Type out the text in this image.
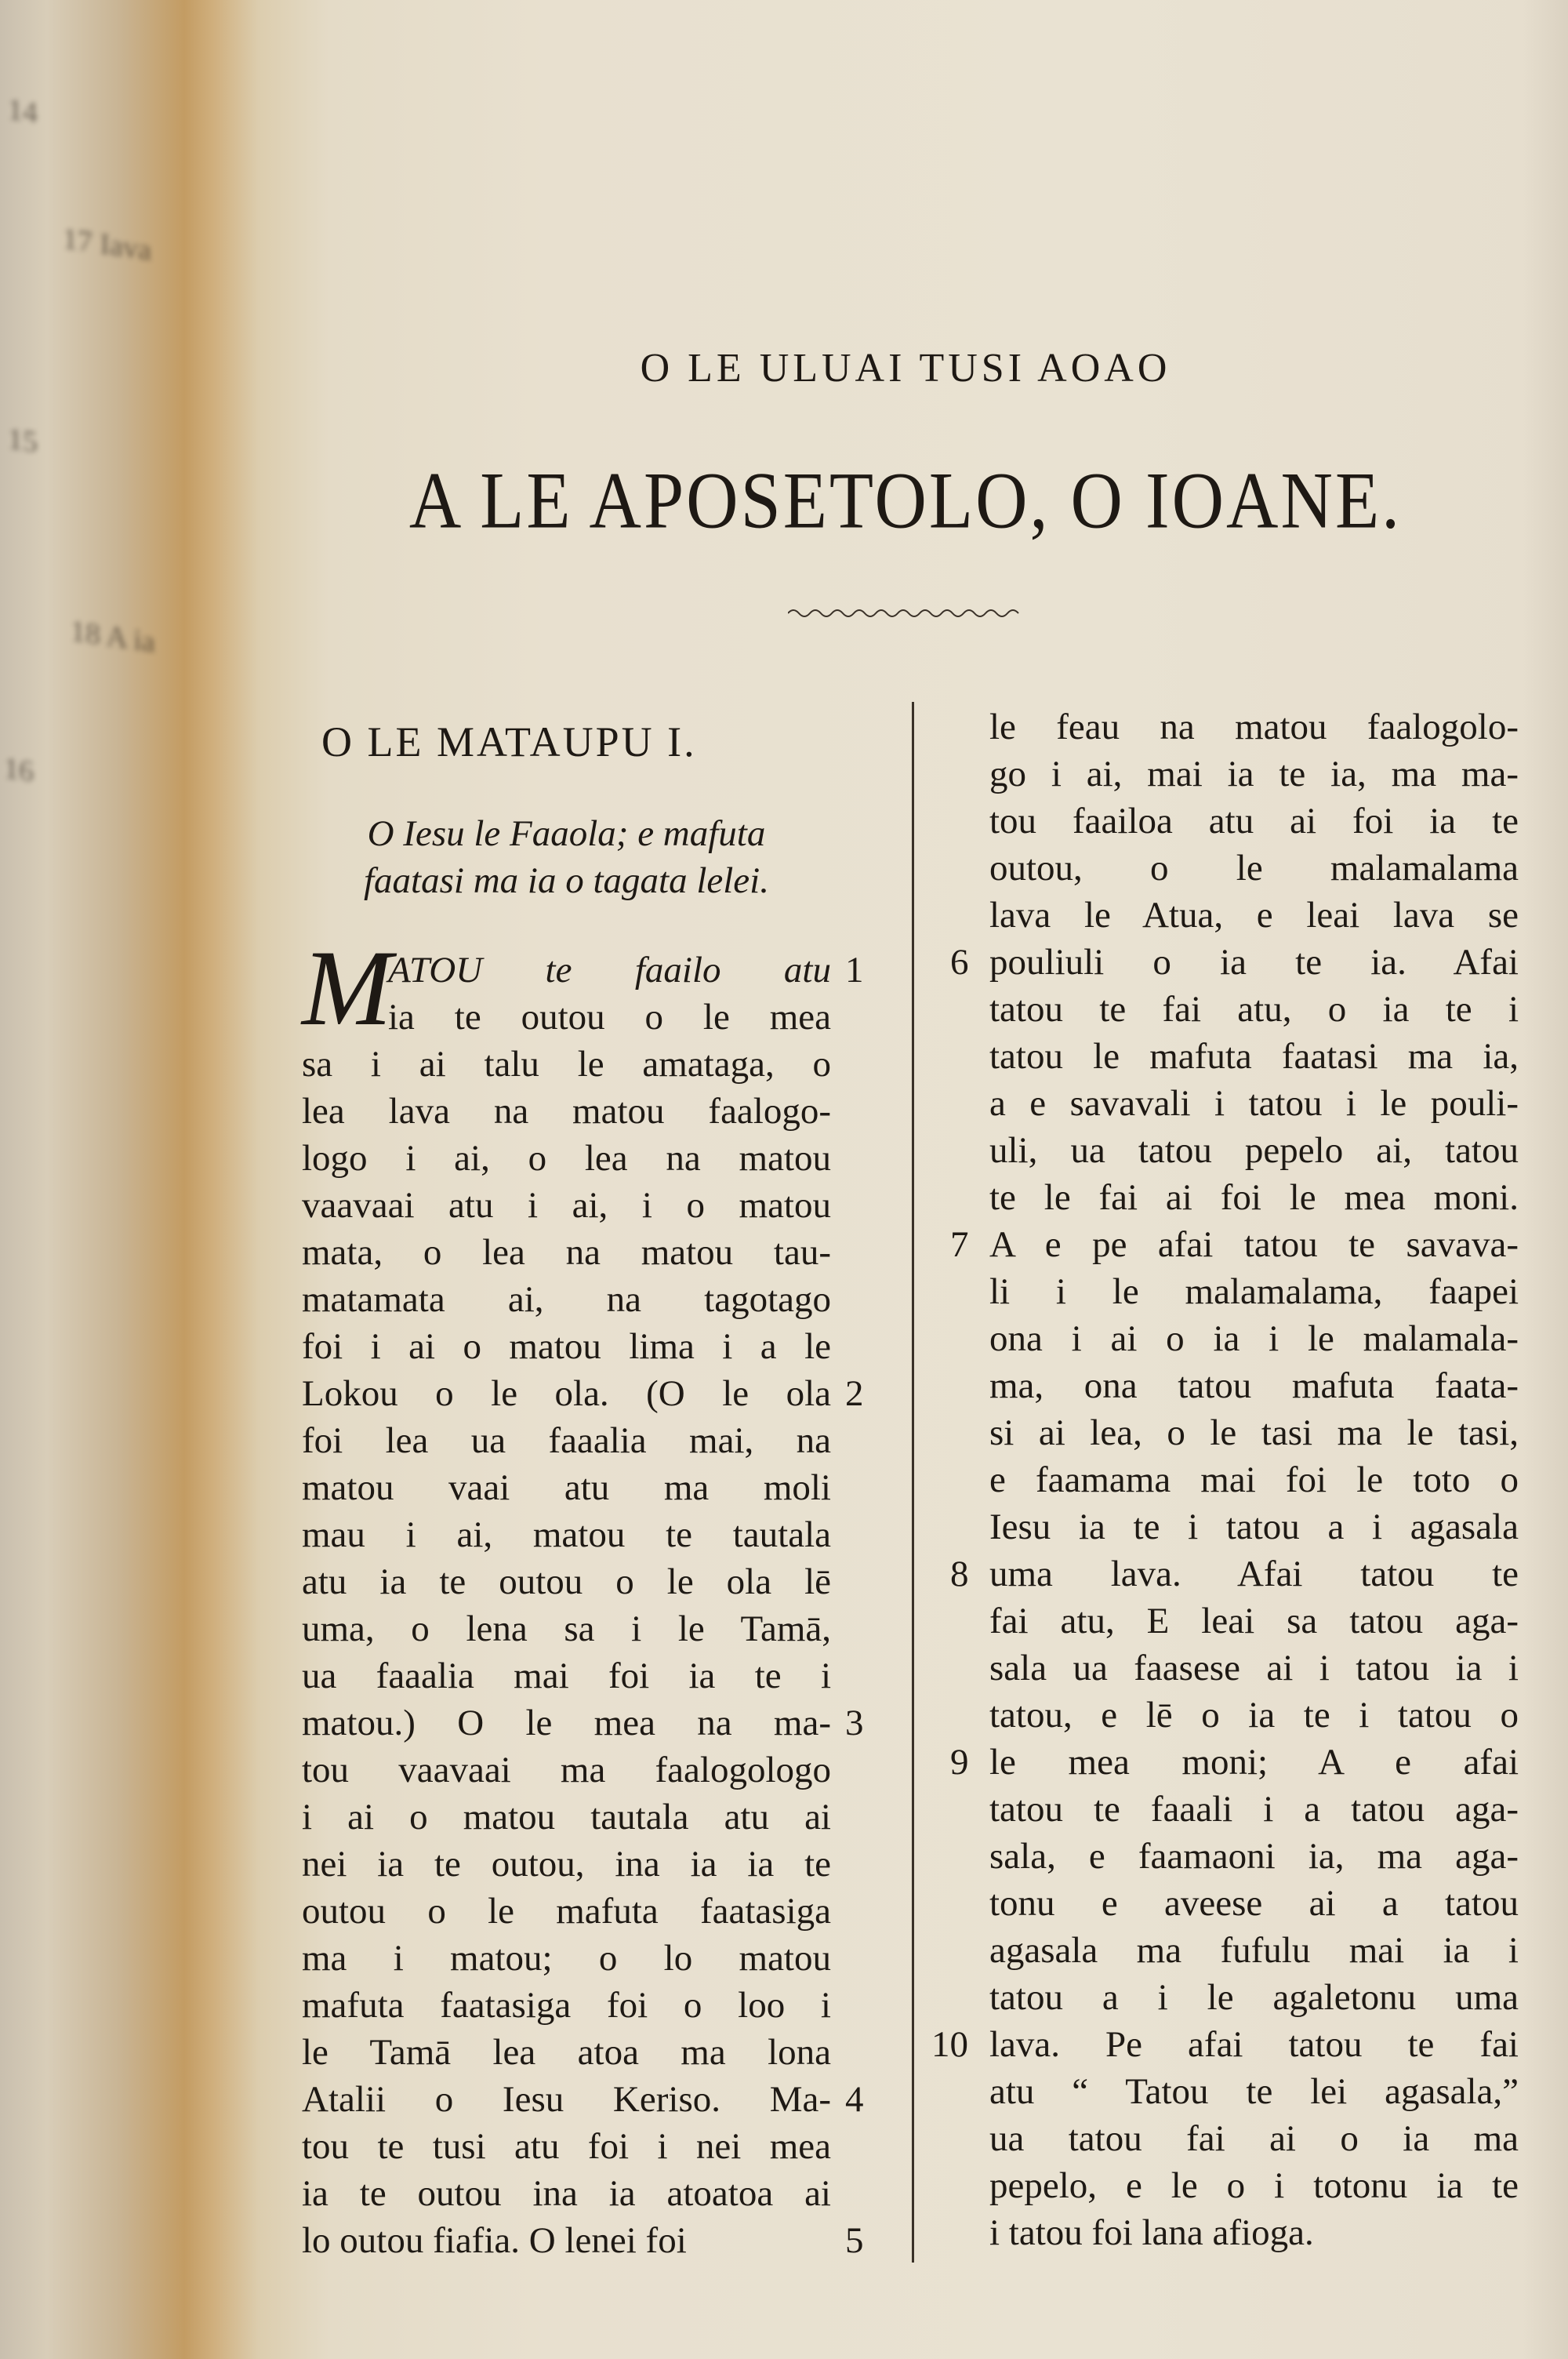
14
15
16
17 Iava
18 A ia
O LE ULUAI TUSI AOAO
A LE APOSETOLO, O IOANE.
O LE MATAUPU I.
O Iesu le Faaola; e mafuta
faatasi ma ia o tagata lelei.
M
ATOU te faailo atu
ia te outou o le mea
sa i ai talu le amataga, o
lea lava na matou faalogo-
logo i ai, o lea na matou
vaavaai atu i ai, i o matou
mata, o lea na matou tau-
matamata ai, na tagotago
foi i ai o matou lima i a le
Lokou o le ola. (O le ola
foi lea ua faaalia mai, na
matou vaai atu ma moli
mau i ai, matou te tautala
atu ia te outou o le ola lē
uma, o lena sa i le Tamā,
ua faaalia mai foi ia te i
matou.) O le mea na ma-
tou vaavaai ma faalogologo
i ai o matou tautala atu ai
nei ia te outou, ina ia ia te
outou o le mafuta faatasiga
ma i matou; o lo matou
mafuta faatasiga foi o loo i
le Tamā lea atoa ma lona
Atalii o Iesu Keriso. Ma-
tou te tusi atu foi i nei mea
ia te outou ina ia atoatoa ai
lo outou fiafia. O lenei foi
1
2
3
4
5
le feau na matou faalogolo-
go i ai, mai ia te ia, ma ma-
tou faailoa atu ai foi ia te
outou, o le malamalama
lava le Atua, e leai lava se
pouliuli o ia te ia. Afai
tatou te fai atu, o ia te i
tatou le mafuta faatasi ma ia,
a e savavali i tatou i le pouli-
uli, ua tatou pepelo ai, tatou
te le fai ai foi le mea moni.
A e pe afai tatou te savava-
li i le malamalama, faapei
ona i ai o ia i le malamala-
ma, ona tatou mafuta faata-
si ai lea, o le tasi ma le tasi,
e faamama mai foi le toto o
Iesu ia te i tatou a i agasala
uma lava. Afai tatou te
fai atu, E leai sa tatou aga-
sala ua faasese ai i tatou ia i
tatou, e lē o ia te i tatou o
le mea moni; A e afai
tatou te faaali i a tatou aga-
sala, e faamaoni ia, ma aga-
tonu e aveese ai a tatou
agasala ma fufulu mai ia i
tatou a i le agaletonu uma
lava. Pe afai tatou te fai
atu “ Tatou te lei agasala,”
ua tatou fai ai o ia ma
pepelo, e le o i totonu ia te
i tatou foi lana afioga.
6
7
8
9
10
